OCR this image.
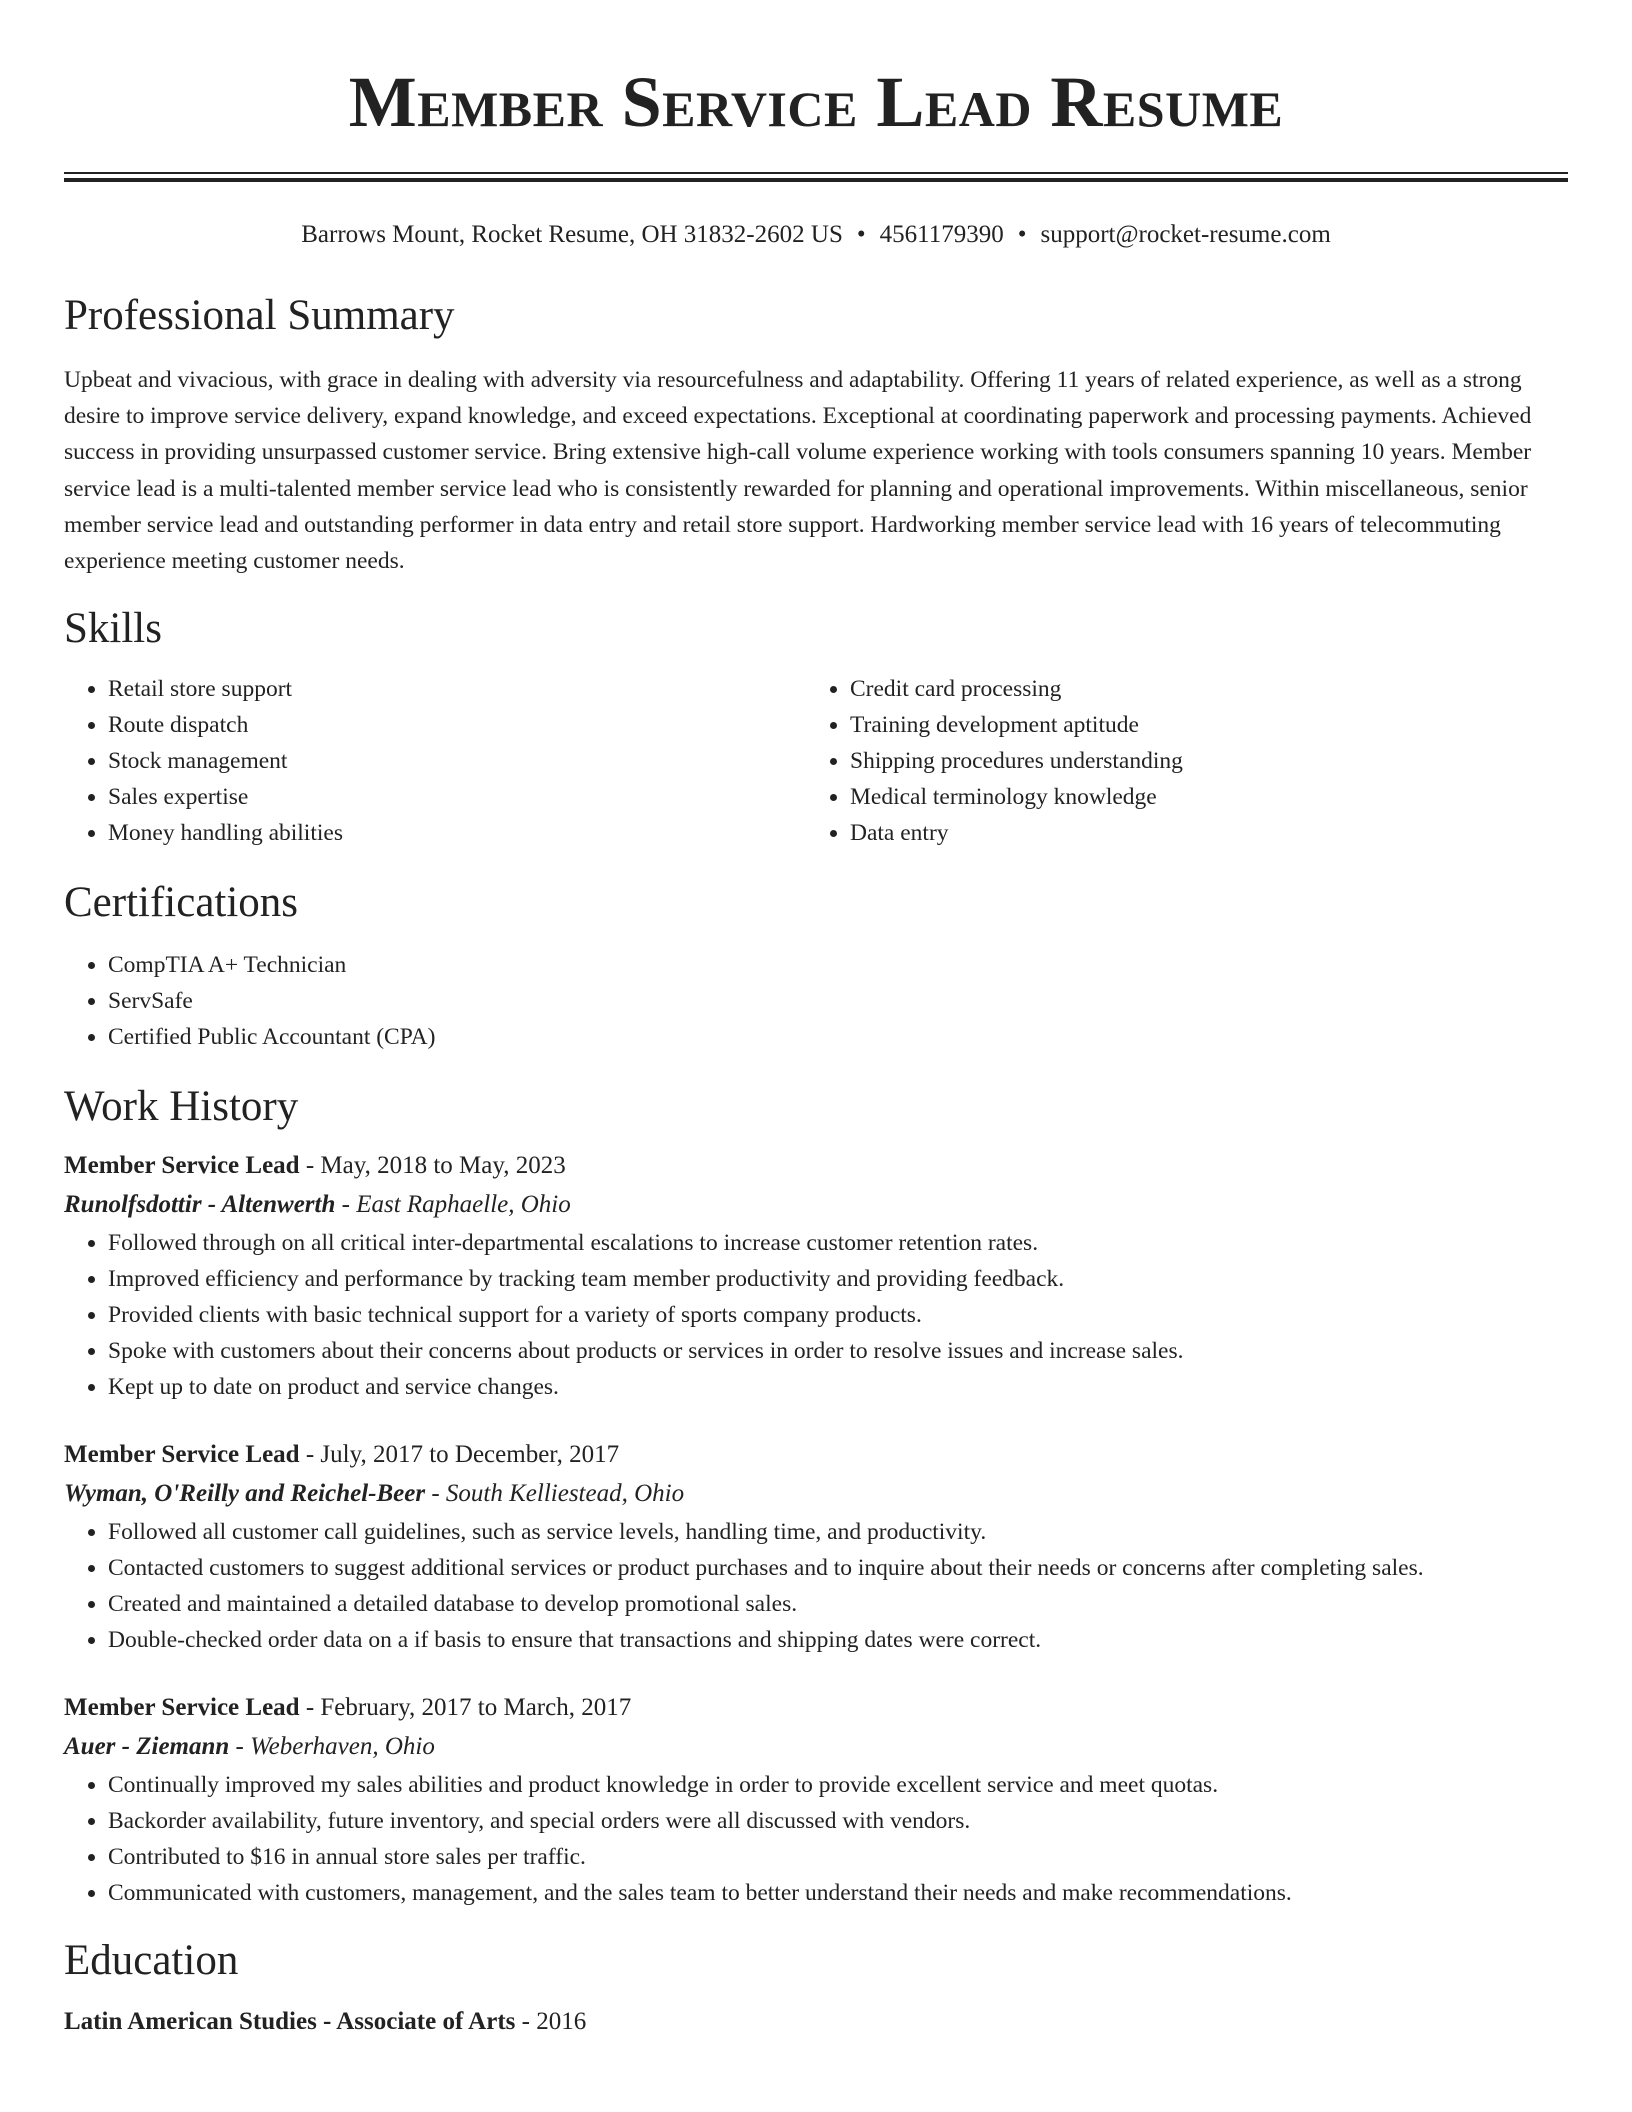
Member Service Lead Resume
Barrows Mount, Rocket Resume, OH 31832-2602 US • 4561179390 • support@rocket-resume.com
Professional Summary

Upbeat and vivacious, with grace in dealing with adversity via resourcefulness and adaptability. Offering 11 years of related experience, as well as a strong desire to improve service delivery, expand knowledge, and exceed expectations. Exceptional at coordinating paperwork and processing payments. Achieved success in providing unsurpassed customer service. Bring extensive high-call volume experience working with tools consumers spanning 10 years. Member service lead is a multi-talented member service lead who is consistently rewarded for planning and operational improvements. Within miscellaneous, senior member service lead and outstanding performer in data entry and retail store support. Hardworking member service lead with 16 years of telecommuting experience meeting customer needs.

Skills
• Retail store support
• Route dispatch
• Stock management
• Sales expertise
• Money handling abilities
• Credit card processing
• Training development aptitude
• Shipping procedures understanding
• Medical terminology knowledge
• Data entry
Certifications
• CompTIA A+ Technician
• ServSafe
• Certified Public Accountant (CPA)
Work History
Member Service Lead - May, 2018 to May, 2023
Runolfsdottir - Altenwerth - East Raphaelle, Ohio
• Followed through on all critical inter-departmental escalations to increase customer retention rates.
• Improved efficiency and performance by tracking team member productivity and providing feedback.
• Provided clients with basic technical support for a variety of sports company products.
• Spoke with customers about their concerns about products or services in order to resolve issues and increase sales.
• Kept up to date on product and service changes.
Member Service Lead - July, 2017 to December, 2017
Wyman, O'Reilly and Reichel-Beer - South Kelliestead, Ohio
• Followed all customer call guidelines, such as service levels, handling time, and productivity.
• Contacted customers to suggest additional services or product purchases and to inquire about their needs or concerns after completing sales.
• Created and maintained a detailed database to develop promotional sales.
• Double-checked order data on a if basis to ensure that transactions and shipping dates were correct.
Member Service Lead - February, 2017 to March, 2017
Auer - Ziemann - Weberhaven, Ohio
• Continually improved my sales abilities and product knowledge in order to provide excellent service and meet quotas.
• Backorder availability, future inventory, and special orders were all discussed with vendors.
• Contributed to $16 in annual store sales per traffic.
• Communicated with customers, management, and the sales team to better understand their needs and make recommendations.
Education
Latin American Studies - Associate of Arts - 2016
